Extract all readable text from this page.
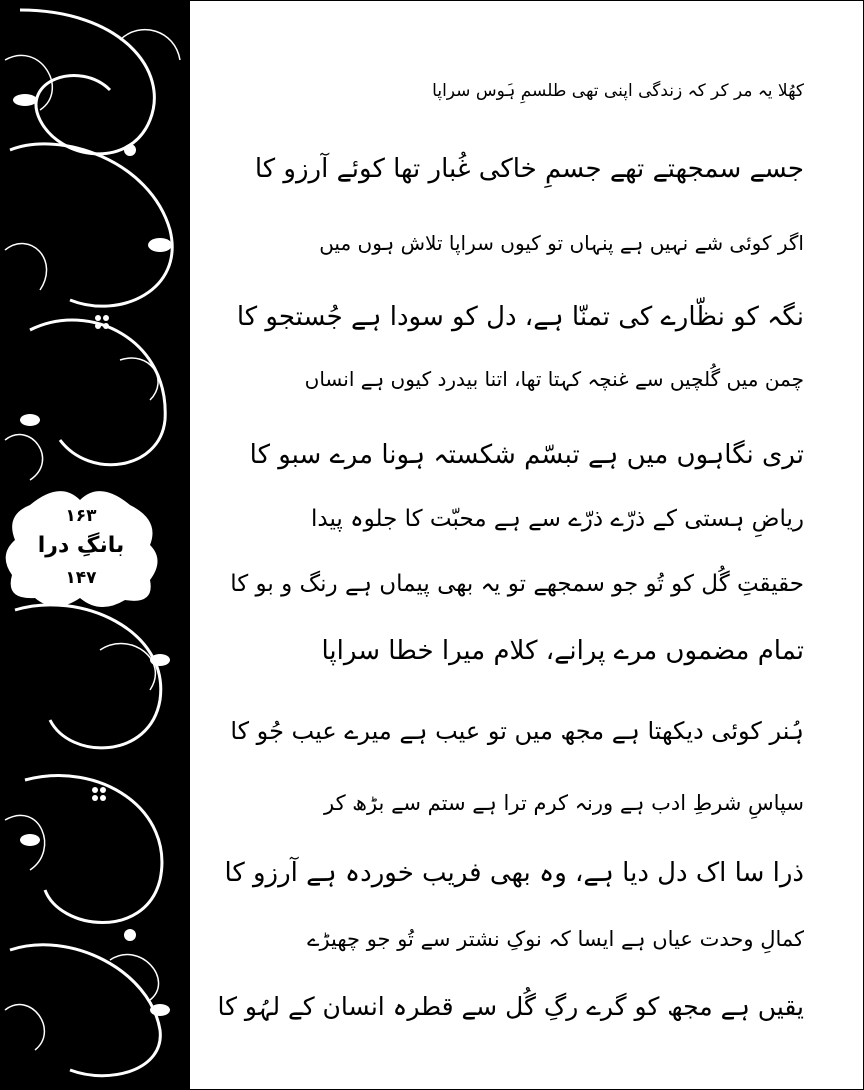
۱۶۳
بانگِ درا
۱۴۷
کھُلا یہ مر کر کہ زندگی اپنی تھی طلسمِ ہَوس سراپا
جسے سمجھتے تھے جسمِ خاکی غُبار تھا کوئے آرزو کا
اگر کوئی شے نہیں ہے پنہاں تو کیوں سراپا تلاش ہوں میں
نگہ کو نظّارے کی تمنّا ہے، دل کو سودا ہے جُستجو کا
چمن میں گُلچیں سے غنچہ کہتا تھا، اتنا بیدرد کیوں ہے انساں
تری نگاہوں میں ہے تبسّم شکستہ ہونا مرے سبو کا
ریاضِ ہستی کے ذرّے ذرّے سے ہے محبّت کا جلوہ پیدا
حقیقتِ گُل کو تُو جو سمجھے تو یہ بھی پیماں ہے رنگ و بو کا
تمام مضموں مرے پرانے، کلام میرا خطا سراپا
ہُنر کوئی دیکھتا ہے مجھ میں تو عیب ہے میرے عیب جُو کا
سپاسِ شرطِ ادب ہے ورنہ کرم ترا ہے ستم سے بڑھ کر
ذرا سا اک دل دیا ہے، وہ بھی فریب خوردہ ہے آرزو کا
کمالِ وحدت عیاں ہے ایسا کہ نوکِ نشتر سے تُو جو چھیڑے
یقیں ہے مجھ کو گرے رگِ گُل سے قطرہ انسان کے لہُو کا
